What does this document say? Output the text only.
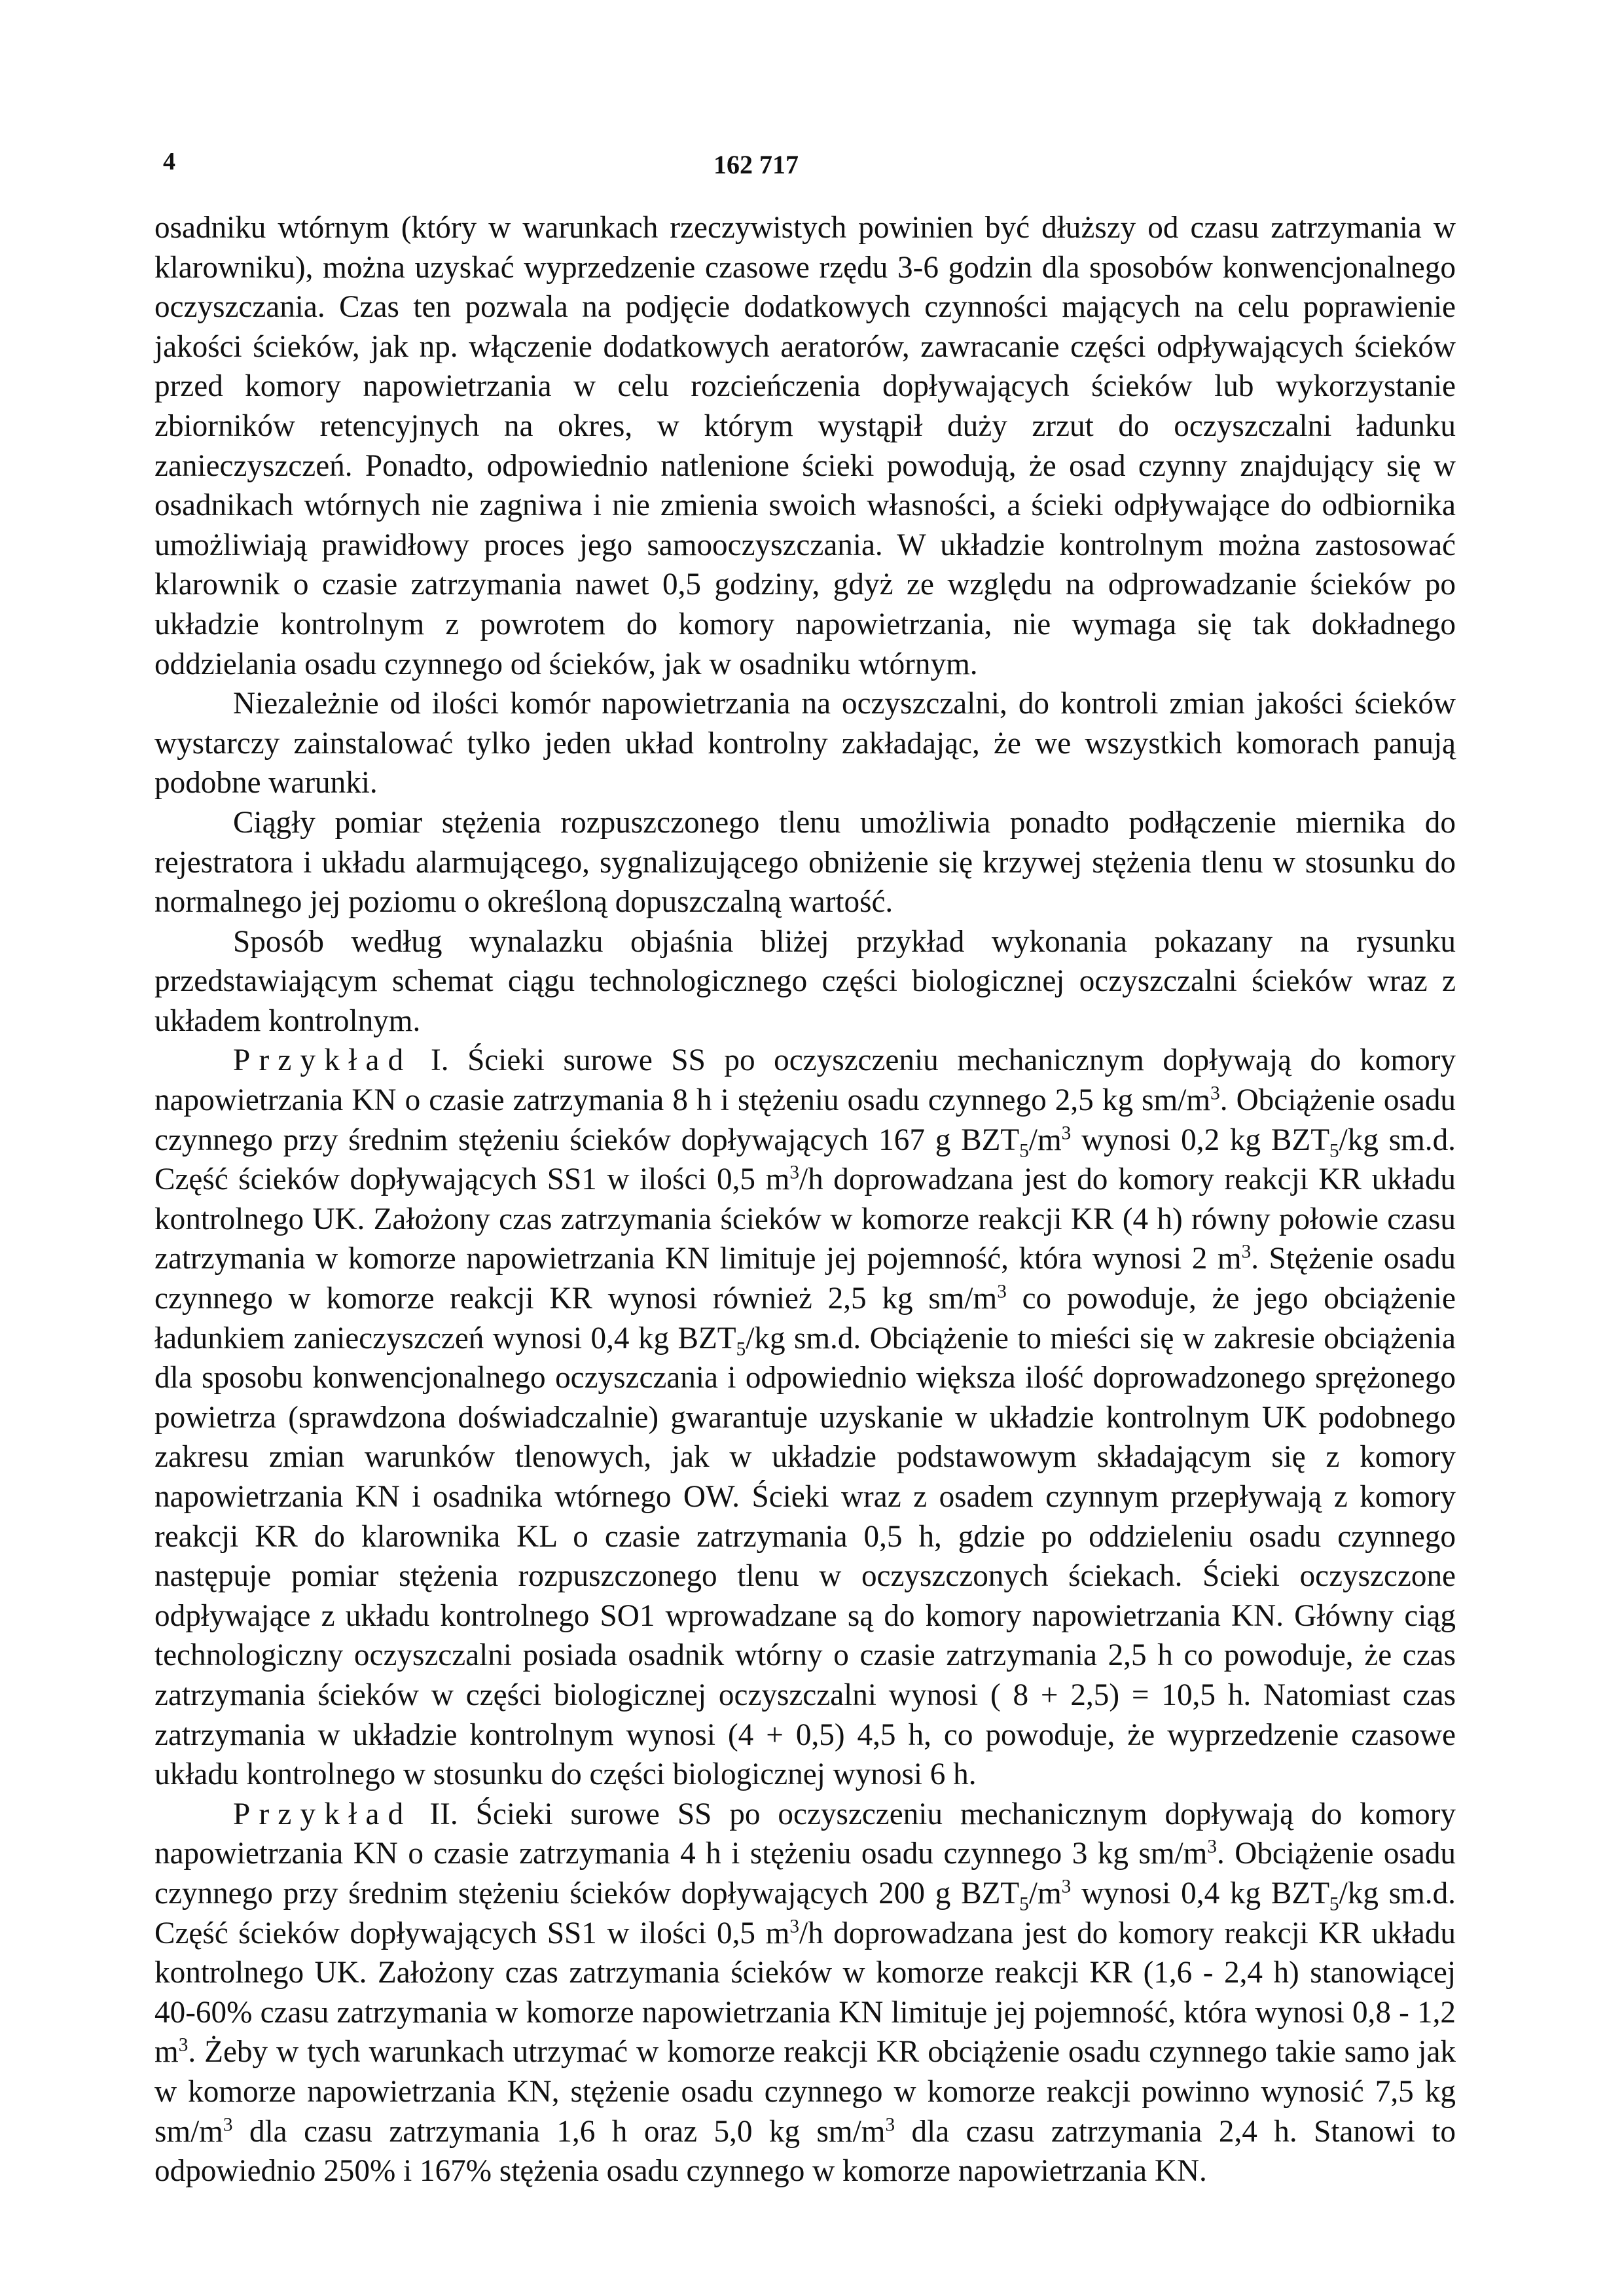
4	162 717

osadniku wtórnym (który w warunkach rzeczywistych powinien być dłuższy od czasu zatrzymania w klarowniku), można uzyskać wyprzedzenie czasowe rzędu 3-6 godzin dla sposobów konwencjonalnego oczyszczania. Czas ten pozwala na podjęcie dodatkowych czynności mających na celu poprawienie jakości ścieków, jak np. włączenie dodatkowych aeratorów, zawracanie części odpływających ścieków przed komory napowietrzania w celu rozcieńczenia dopływających ścieków lub wykorzystanie zbiorników retencyjnych na okres, w którym wystąpił duży zrzut do oczyszczalni ładunku zanieczyszczeń. Ponadto, odpowiednio natlenione ścieki powodują, że osad czynny znajdujący się w osadnikach wtórnych nie zagniwa i nie zmienia swoich własności, a ścieki odpływające do odbiornika umożliwiają prawidłowy proces jego samooczyszczania. W układzie kontrolnym można zastosować klarownik o czasie zatrzymania nawet 0,5 godziny, gdyż ze względu na odprowadzanie ścieków po układzie kontrolnym z powrotem do komory napowietrzania, nie wymaga się tak dokładnego oddzielania osadu czynnego od ścieków, jak w osadniku wtórnym.

Niezależnie od ilości komór napowietrzania na oczyszczalni, do kontroli zmian jakości ścieków wystarczy zainstalować tylko jeden układ kontrolny zakładając, że we wszystkich komorach panują podobne warunki.

Ciągły pomiar stężenia rozpuszczonego tlenu umożliwia ponadto podłączenie miernika do rejestratora i układu alarmującego, sygnalizującego obniżenie się krzywej stężenia tlenu w stosunku do normalnego jej poziomu o określoną dopuszczalną wartość.

Sposób według wynalazku objaśnia bliżej przykład wykonania pokazany na rysunku przedstawiającym schemat ciągu technologicznego części biologicznej oczyszczalni ścieków wraz z układem kontrolnym.

Przykład I. Ścieki surowe SS po oczyszczeniu mechanicznym dopływają do komory napowietrzania KN o czasie zatrzymania 8 h i stężeniu osadu czynnego 2,5 kg $sm/m^3$. Obciążenie osadu czynnego przy średnim stężeniu ścieków dopływających 167 g $BZT_5/m^3$ wynosi 0,2 kg $BZT_5/kg$ sm.d. Część ścieków dopływających SS1 w ilości 0,5 $m^3/h$ doprowadzana jest do komory reakcji KR układu kontrolnego UK. Założony czas zatrzymania ścieków w komorze reakcji KR (4 h) równy połowie czasu zatrzymania w komorze napowietrzania KN limituje jej pojemność, która wynosi 2 $m^3$. Stężenie osadu czynnego w komorze reakcji KR wynosi również 2,5 kg $sm/m^3$ co powoduje, że jego obciążenie ładunkiem zanieczyszczeń wynosi 0,4 kg $BZT_5/kg$ sm.d. Obciążenie to mieści się w zakresie obciążenia dla sposobu konwencjonalnego oczyszczania i odpowiednio większa ilość doprowadzonego sprężonego powietrza (sprawdzona doświadczalnie) gwarantuje uzyskanie w układzie kontrolnym UK podobnego zakresu zmian warunków tlenowych, jak w układzie podstawowym składającym się z komory napowietrzania KN i osadnika wtórnego OW. Ścieki wraz z osadem czynnym przepływają z komory reakcji KR do klarownika KL o czasie zatrzymania 0,5 h, gdzie po oddzieleniu osadu czynnego następuje pomiar stężenia rozpuszczonego tlenu w oczyszczonych ściekach. Ścieki oczyszczone odpływające z układu kontrolnego SO1 wprowadzane są do komory napowietrzania KN. Główny ciąg technologiczny oczyszczalni posiada osadnik wtórny o czasie zatrzymania 2,5 h co powoduje, że czas zatrzymania ścieków w części biologicznej oczyszczalni wynosi ( 8 + 2,5) = 10,5 h. Natomiast czas zatrzymania w układzie kontrolnym wynosi (4 + 0,5) 4,5 h, co powoduje, że wyprzedzenie czasowe układu kontrolnego w stosunku do części biologicznej wynosi 6 h.

Przykład II. Ścieki surowe SS po oczyszczeniu mechanicznym dopływają do komory napowietrzania KN o czasie zatrzymania 4 h i stężeniu osadu czynnego 3 kg $sm/m^3$. Obciążenie osadu czynnego przy średnim stężeniu ścieków dopływających 200 g $BZT_5/m^3$ wynosi 0,4 kg $BZT_5/kg$ sm.d. Część ścieków dopływających SS1 w ilości 0,5 $m^3/h$ doprowadzana jest do komory reakcji KR układu kontrolnego UK. Założony czas zatrzymania ścieków w komorze reakcji KR (1,6 - 2,4 h) stanowiącej 40-60% czasu zatrzymania w komorze napowietrzania KN limituje jej pojemność, która wynosi 0,8 - 1,2 $m^3$. Żeby w tych warunkach utrzymać w komorze reakcji KR obciążenie osadu czynnego takie samo jak w komorze napowietrzania KN, stężenie osadu czynnego w komorze reakcji powinno wynosić 7,5 kg $sm/m^3$ dla czasu zatrzymania 1,6 h oraz 5,0 kg $sm/m^3$ dla czasu zatrzymania 2,4 h. Stanowi to odpowiednio 250% i 167% stężenia osadu czynnego w komorze napowietrzania KN.
